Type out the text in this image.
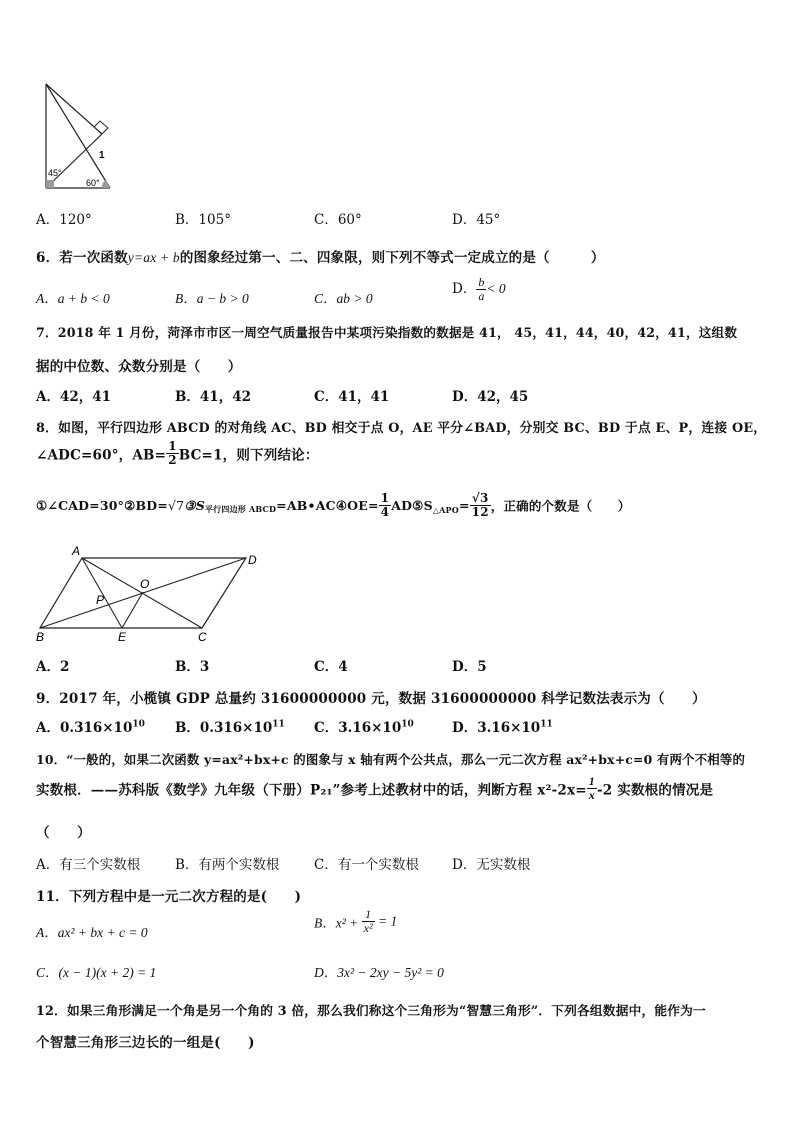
45°
60°
1
A．120°	B．105°	C．60°	D．45°
6．若一次函数y=ax + b的图象经过第一、二、四象限，则下列不等式一定成立的是（　　　）
A．a + b < 0	B．a − b > 0	C．ab > 0
D． $\frac{b}{a} < 0$
7．2018 年 1 月份，菏泽市市区一周空气质量报告中某项污染指数的数据是 41， 45，41，44，40，42，41，这组数
据的中位数、众数分别是（　　）
A．42，41	B．41，42	C．41，41	D．42，45
8．如图，平行四边形 ABCD 的对角线 AC、BD 相交于点 O，AE 平分∠BAD，分别交 BC、BD 于点 E、P，连接 OE，
∠ADC=60°，$AB= \frac{1}{2} BC=1$，则下列结论：
$①\angle CAD=30^\circ ②BD=√7③S_{平行四边形 ABCD}=AB•AC④OE= \frac{1}{4}$ $AD⑤S_{\triangle APO}= \frac{√3}{12}$ ，正确的个数是（　　）
A
D
O
P
B	E	C
A．2	B．3	C．4	D．5
9．2017 年，小榄镇 GDP 总量约 31600000000 元，数据 31600000000 科学记数法表示为（　　）
A．$0.316\times 10^{10}$ B．$0.316\times 10^{11}$ C．$3.16\times 10^{10}$	D．$3.16\times 10^{11}$
10．“一般的，如果二次函数 y=ax²+bx+c 的图象与 x 轴有两个公共点，那么一元二次方程 ax²+bx+c=0 有两个不相等的
实数根．——苏科版《数学》九年级（下册）P₂₁”参考上述教材中的话，判断方程 $x^2-2x= \frac{1}{x} -2$ 实数根的情况是
（　　）
A．有三个实数根	B．有两个实数根	C．有一个实数根 D．无实数根
11．下列方程中是一元二次方程的是(　　)
A．ax² + bx + c = 0
B．$x^2 + \frac{1}{\text{x²}} = 1$
C．(x − 1)(x + 2) = 1	D．3x² − 2xy − 5y² = 0
12．如果三角形满足一个角是另一个角的 3 倍，那么我们称这个三角形为“智慧三角形”．下列各组数据中，能作为一
个智慧三角形三边长的一组是(　　)
